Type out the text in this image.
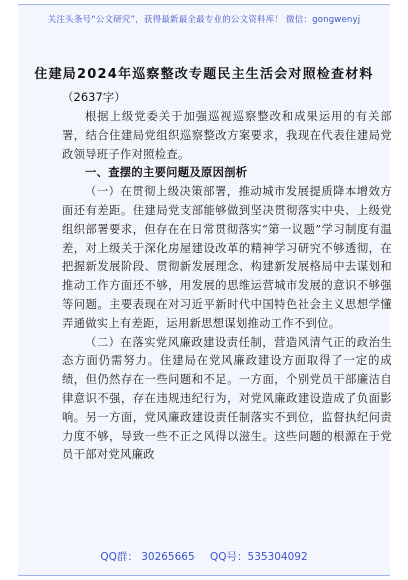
关注头条号“公文研究”，获得最新最全最专业的公文资料库！ 微信：gongwenyj
住建局2024年巡察整改专题民主生活会对照检查材料
（2637字）

根据上级党委关于加强巡视巡察整改和成果运用的有关部署，结合住建局党组织巡察整改方案要求，我现在代表住建局党政领导班子作对照检查。

一、查摆的主要问题及原因剖析

（一）在贯彻上级决策部署，推动城市发展提质降本增效方面还有差距。住建局党支部能够做到坚决贯彻落实中央、上级党组织部署要求，但存在在日常贯彻落实“第一议题”学习制度有温差，对上级关于深化房屋建设改革的精神学习研究不够透彻，在把握新发展阶段、贯彻新发展理念、构建新发展格局中去谋划和推动工作方面还不够，用发展的思维运营城市发展的意识不够强等问题。主要表现在对习近平新时代中国特色社会主义思想学懂弄通做实上有差距，运用新思想谋划推动工作不到位。

（二）在落实党风廉政建设责任制，营造风清气正的政治生态方面仍需努力。住建局在党风廉政建设方面取得了一定的成绩，但仍然存在一些问题和不足。一方面，个别党员干部廉洁自律意识不强，存在违规违纪行为，对党风廉政建设造成了负面影响。另一方面，党风廉政建设责任制落实不到位，监督执纪问责力度不够，导致一些不正之风得以滋生。这些问题的根源在于党员干部对党风廉政

QQ群： 30265665 QQ号：535304092
